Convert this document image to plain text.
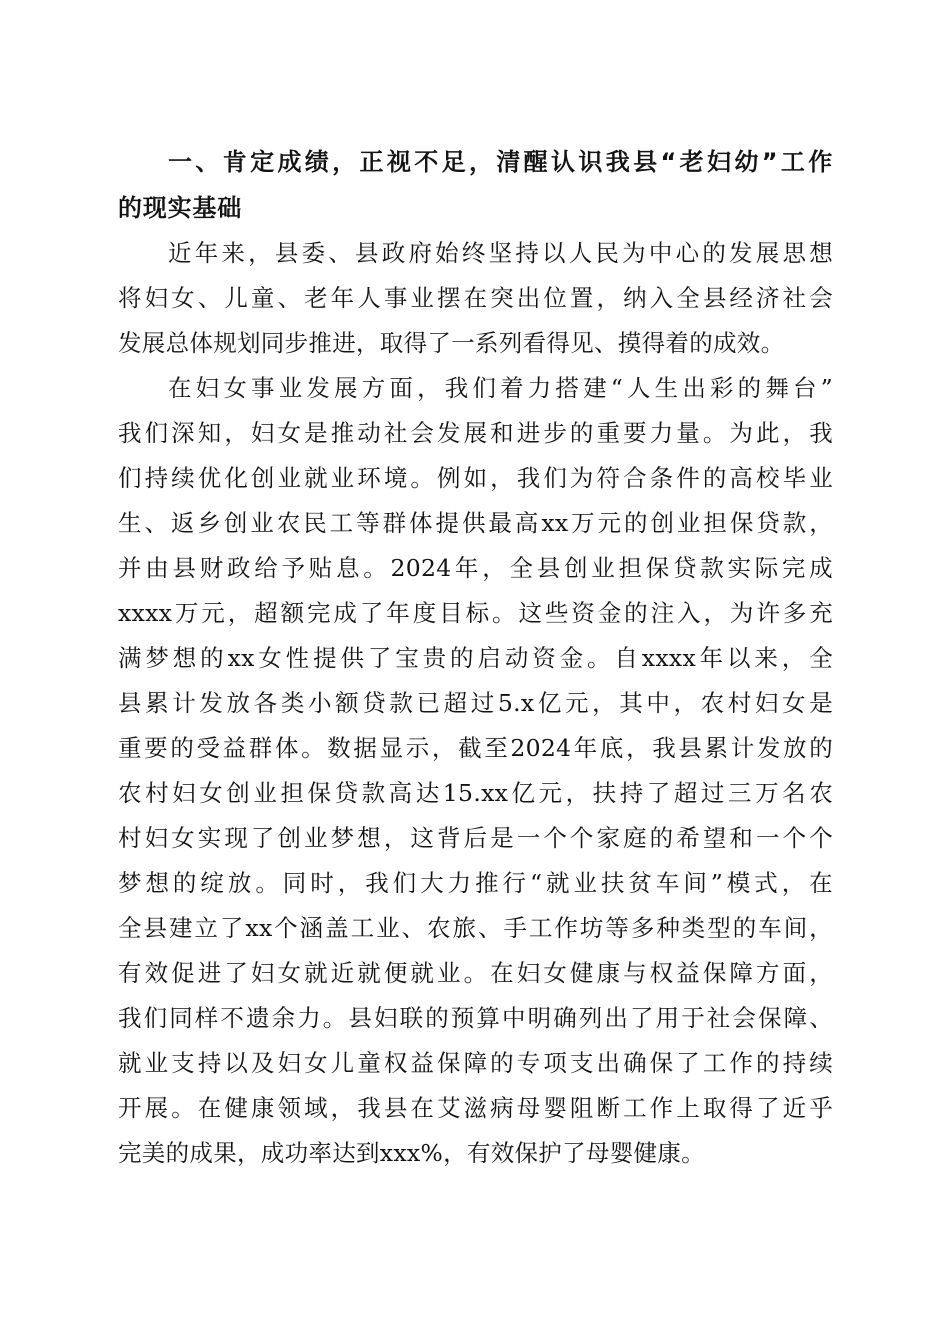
一、肯定成绩，正视不足，清醒认识我县“老妇幼”工作
的现实基础
近年来，县委、县政府始终坚持以人民为中心的发展思想
将妇女、儿童、老年人事业摆在突出位置，纳入全县经济社会
发展总体规划同步推进，取得了一系列看得见、摸得着的成效。
在妇女事业发展方面，我们着力搭建“人生出彩的舞台”
我们深知，妇女是推动社会发展和进步的重要力量。为此，我
们持续优化创业就业环境。例如，我们为符合条件的高校毕业
生、返乡创业农民工等群体提供最高xx万元的创业担保贷款，
并由县财政给予贴息。2024年，全县创业担保贷款实际完成
xxxx万元，超额完成了年度目标。这些资金的注入，为许多充
满梦想的xx女性提供了宝贵的启动资金。自xxxx年以来，全
县累计发放各类小额贷款已超过5.x亿元，其中，农村妇女是
重要的受益群体。数据显示，截至2024年底，我县累计发放的
农村妇女创业担保贷款高达15.xx亿元，扶持了超过三万名农
村妇女实现了创业梦想，这背后是一个个家庭的希望和一个个
梦想的绽放。同时，我们大力推行“就业扶贫车间”模式，在
全县建立了xx个涵盖工业、农旅、手工作坊等多种类型的车间，
有效促进了妇女就近就便就业。在妇女健康与权益保障方面，
我们同样不遗余力。县妇联的预算中明确列出了用于社会保障、
就业支持以及妇女儿童权益保障的专项支出确保了工作的持续
开展。在健康领域，我县在艾滋病母婴阻断工作上取得了近乎
完美的成果，成功率达到xxx%，有效保护了母婴健康。
